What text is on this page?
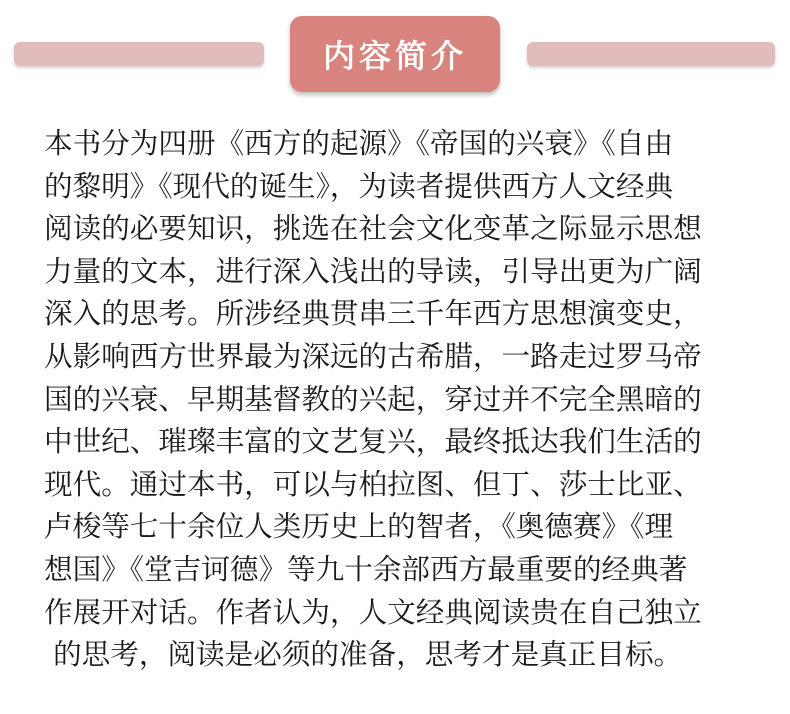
内容简介
本书分为四册《西方的起源》《帝国的兴衰》《自由
的黎明》《现代的诞生》，为读者提供西方人文经典
阅读的必要知识，挑选在社会文化变革之际显示思想
力量的文本，进行深入浅出的导读，引导出更为广阔
深入的思考。所涉经典贯串三千年西方思想演变史，
从影响西方世界最为深远的古希腊，一路走过罗马帝
国的兴衰、早期基督教的兴起，穿过并不完全黑暗的
中世纪、璀璨丰富的文艺复兴，最终抵达我们生活的
现代。通过本书，可以与柏拉图、但丁、莎士比亚、
卢梭等七十余位人类历史上的智者，《奥德赛》《理
想国》《堂吉诃德》等九十余部西方最重要的经典著
作展开对话。作者认为，人文经典阅读贵在自己独立
的思考，阅读是必须的准备，思考才是真正目标。
